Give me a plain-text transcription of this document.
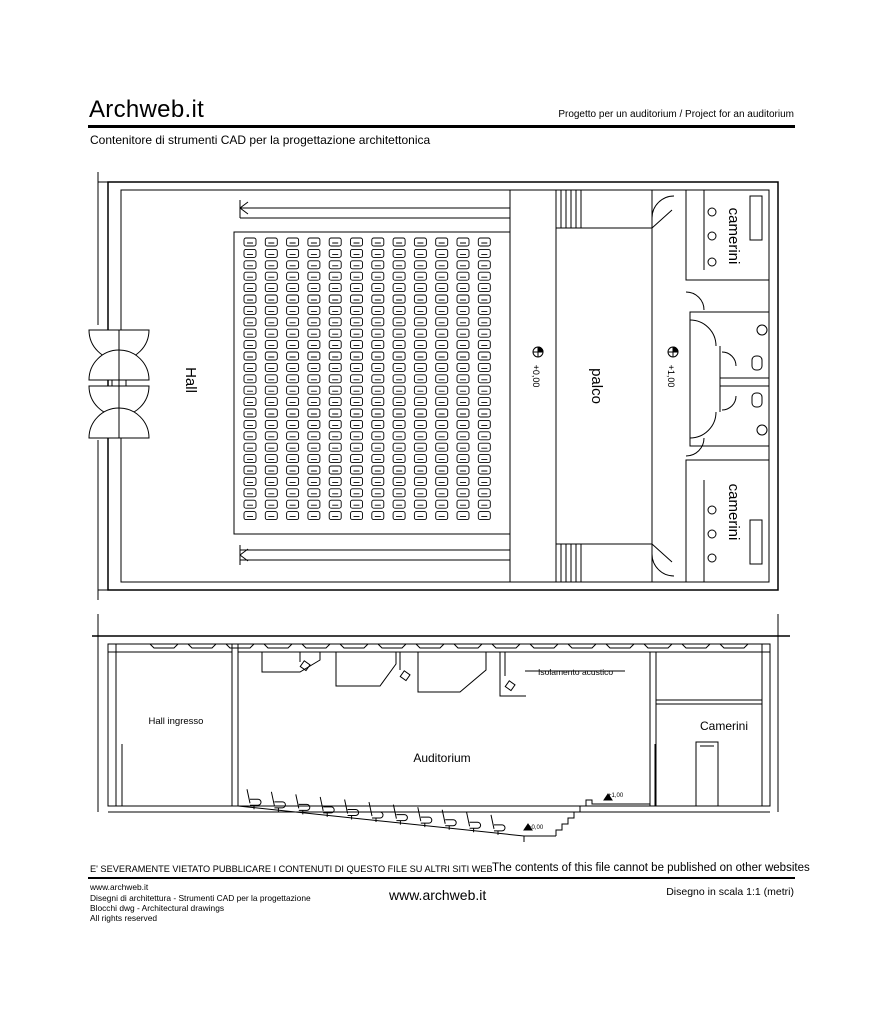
Archweb.it	Progetto per un auditorium / Project for an auditorium
Contenitore di strumenti CAD per la progettazione architettonica
Hall	palco
camerini
camerini
+0,00	+1,00
Hall ingresso
Auditorium
Isolamento acustico
Camerini
+1,00
+0,00
E' SEVERAMENTE VIETATO PUBBLICARE I CONTENUTI DI QUESTO FILE SU ALTRI SITI WEB The contents of this file cannot be published on other websites
www.archweb.it
Disegni di architettura - Strumenti CAD per la progettazione
Blocchi dwg - Architectural drawings
All rights reserved
www.archweb.it	Disegno in scala 1:1 (metri)
